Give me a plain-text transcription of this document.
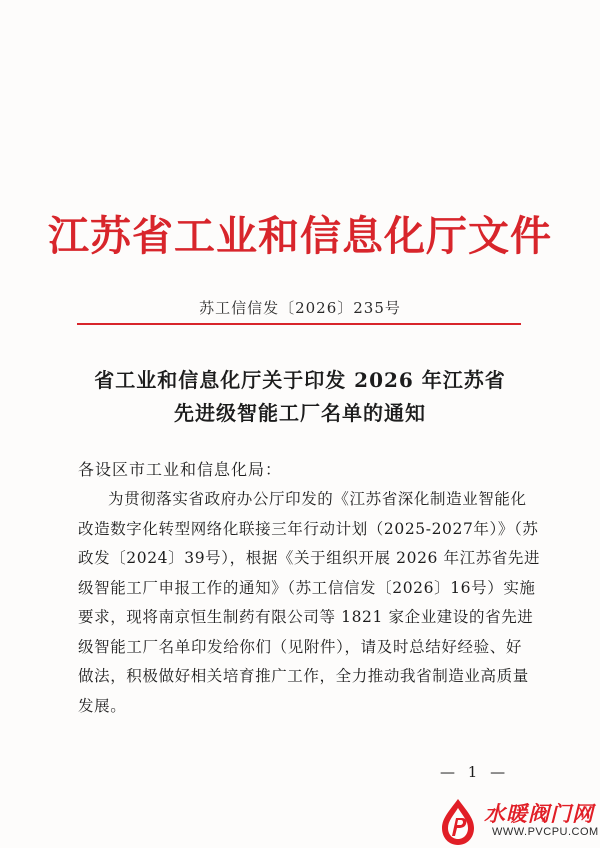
江苏省工业和信息化厅文件
苏工信信发〔2026〕235号
省工业和信息化厅关于印发 2026 年江苏省
先进级智能工厂名单的通知
各设区市工业和信息化局：
为贯彻落实省政府办公厅印发的《江苏省深化制造业智能化
改造数字化转型网络化联接三年行动计划（2025-2027年）》（苏
政发〔2024〕39号），根据《关于组织开展 2026 年江苏省先进
级智能工厂申报工作的通知》（苏工信信发〔2026〕16号）实施
要求，现将南京恒生制药有限公司等 1821 家企业建设的省先进
级智能工厂名单印发给你们（见附件），请及时总结好经验、好
做法，积极做好相关培育推广工作，全力推动我省制造业高质量
发展。
— 1 —
水暖阀门网
WWW.PVCPU.COM
